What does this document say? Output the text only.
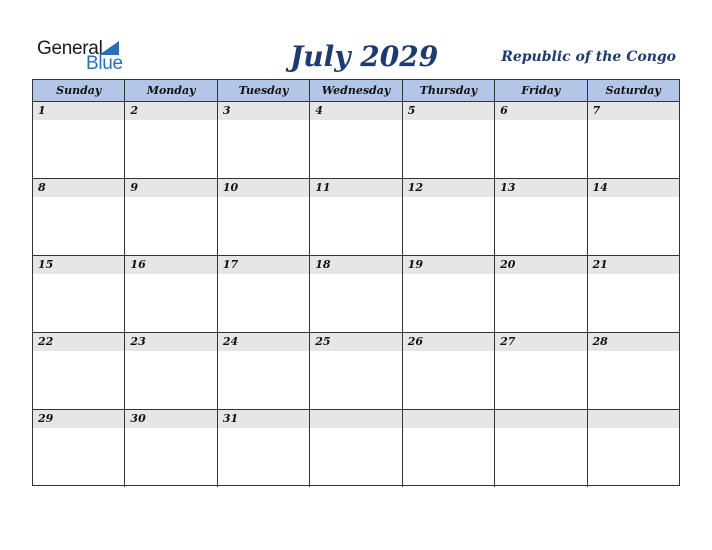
General
Blue	July 2029	Republic of the Congo
Sunday	Monday	Tuesday	Wednesday	Thursday	Friday	Saturday
1	2	3	4	5	6	7
8	9	10	11	12	13	14
15	16	17	18	19	20	21
22	23	24	25	26	27	28
29	30	31
